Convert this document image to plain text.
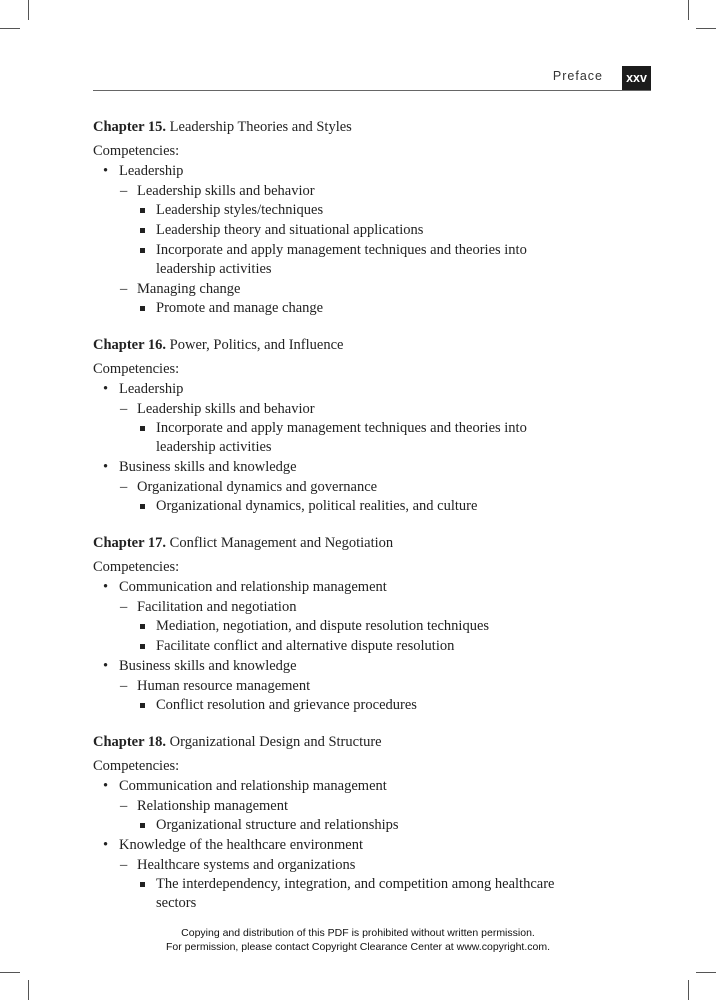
Preface	xxv
Chapter 15. Leadership Theories and Styles
Competencies:
• Leadership
– Leadership skills and behavior
Leadership styles/techniques
Leadership theory and situational applications
Incorporate and apply management techniques and theories into leadership activities
– Managing change
Promote and manage change
Chapter 16. Power, Politics, and Influence
Competencies:
• Leadership
– Leadership skills and behavior
Incorporate and apply management techniques and theories into leadership activities
• Business skills and knowledge
– Organizational dynamics and governance
Organizational dynamics, political realities, and culture
Chapter 17. Conflict Management and Negotiation
Competencies:
• Communication and relationship management
– Facilitation and negotiation
Mediation, negotiation, and dispute resolution techniques
Facilitate conflict and alternative dispute resolution
• Business skills and knowledge
– Human resource management
Conflict resolution and grievance procedures
Chapter 18. Organizational Design and Structure
Competencies:
• Communication and relationship management
– Relationship management
Organizational structure and relationships
• Knowledge of the healthcare environment
– Healthcare systems and organizations
The interdependency, integration, and competition among healthcare sectors
Copying and distribution of this PDF is prohibited without written permission.
For permission, please contact Copyright Clearance Center at www.copyright.com.
